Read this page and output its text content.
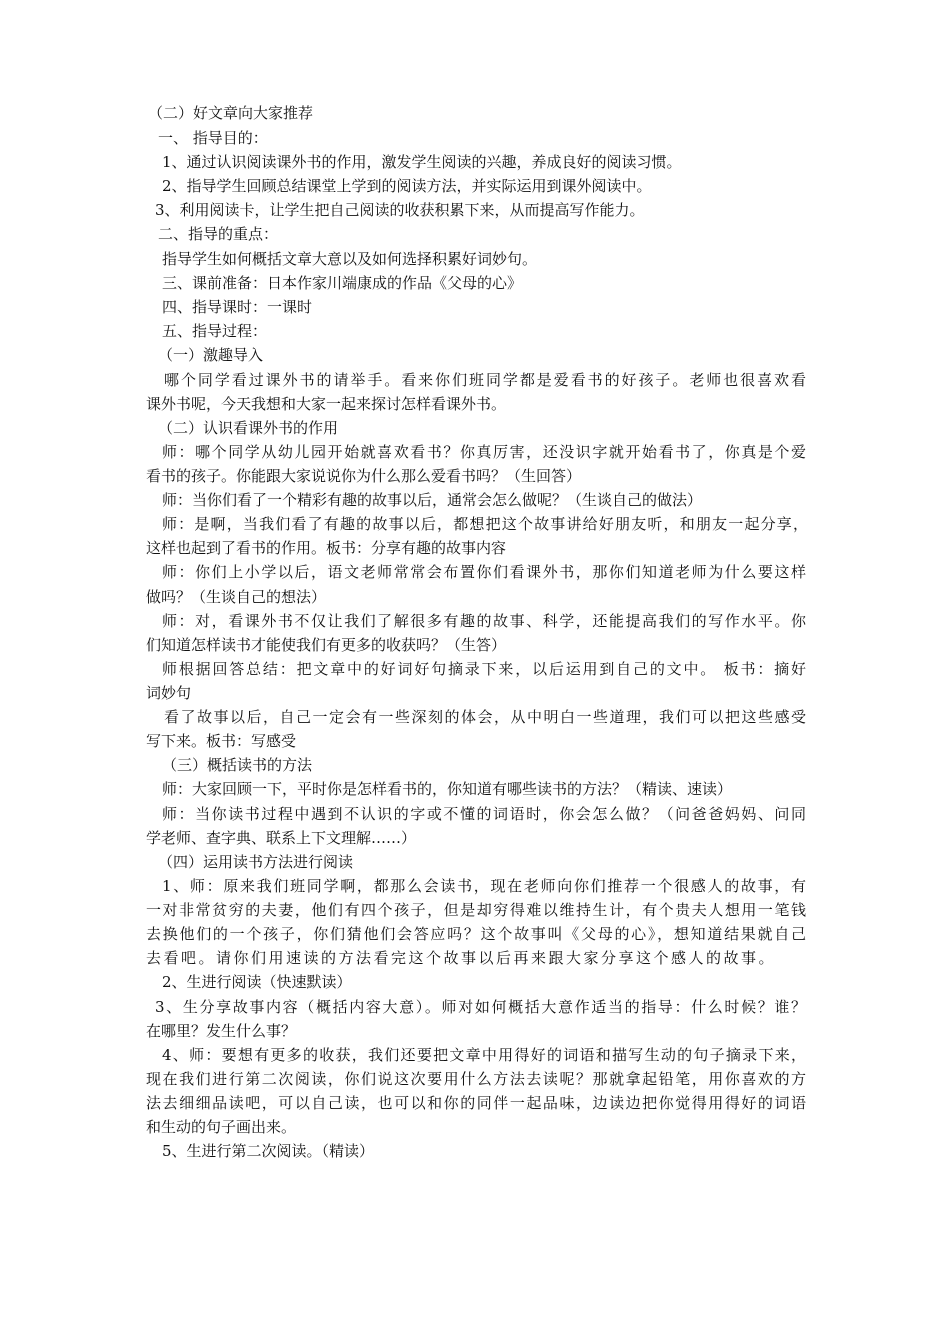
（二）好文章向大家推荐
一、 指导目的：
1、通过认识阅读课外书的作用，激发学生阅读的兴趣，养成良好的阅读习惯。
2、指导学生回顾总结课堂上学到的阅读方法，并实际运用到课外阅读中。
3、利用阅读卡，让学生把自己阅读的收获积累下来，从而提高写作能力。
二、指导的重点：
指导学生如何概括文章大意以及如何选择积累好词妙句。
三、课前准备：日本作家川端康成的作品《父母的心》
四、指导课时：一课时
五、指导过程：
（一）激趣导入
哪个同学看过课外书的请举手。看来你们班同学都是爱看书的好孩子。老师也很喜欢看
课外书呢，今天我想和大家一起来探讨怎样看课外书。
（二）认识看课外书的作用
师：哪个同学从幼儿园开始就喜欢看书？你真厉害，还没识字就开始看书了，你真是个爱
看书的孩子。你能跟大家说说你为什么那么爱看书吗？（生回答）
师：当你们看了一个精彩有趣的故事以后，通常会怎么做呢？（生谈自己的做法）
师：是啊，当我们看了有趣的故事以后，都想把这个故事讲给好朋友听，和朋友一起分享，
这样也起到了看书的作用。板书：分享有趣的故事内容
师：你们上小学以后，语文老师常常会布置你们看课外书，那你们知道老师为什么要这样
做吗？（生谈自己的想法）
师：对，看课外书不仅让我们了解很多有趣的故事、科学，还能提高我们的写作水平。你
们知道怎样读书才能使我们有更多的收获吗？（生答）
师根据回答总结：把文章中的好词好句摘录下来，以后运用到自己的文中。 板书：摘好
词妙句
看了故事以后，自己一定会有一些深刻的体会，从中明白一些道理，我们可以把这些感受
写下来。板书：写感受
（三）概括读书的方法
师：大家回顾一下，平时你是怎样看书的，你知道有哪些读书的方法？（精读、速读）
师：当你读书过程中遇到不认识的字或不懂的词语时，你会怎么做？（问爸爸妈妈、问同
学老师、查字典、联系上下文理解……）
（四）运用读书方法进行阅读
1、师：原来我们班同学啊，都那么会读书，现在老师向你们推荐一个很感人的故事，有
一对非常贫穷的夫妻，他们有四个孩子，但是却穷得难以维持生计，有个贵夫人想用一笔钱
去换他们的一个孩子，你们猜他们会答应吗？这个故事叫《父母的心》，想知道结果就自己
去看吧。请你们用速读的方法看完这个故事以后再来跟大家分享这个感人的故事。
2、生进行阅读（快速默读）
3、生分享故事内容（概括内容大意）。师对如何概括大意作适当的指导：什么时候？谁？
在哪里？发生什么事？
4、师：要想有更多的收获，我们还要把文章中用得好的词语和描写生动的句子摘录下来，
现在我们进行第二次阅读，你们说这次要用什么方法去读呢？那就拿起铅笔，用你喜欢的方
法去细细品读吧，可以自己读，也可以和你的同伴一起品味，边读边把你觉得用得好的词语
和生动的句子画出来。
5、生进行第二次阅读。（精读）
